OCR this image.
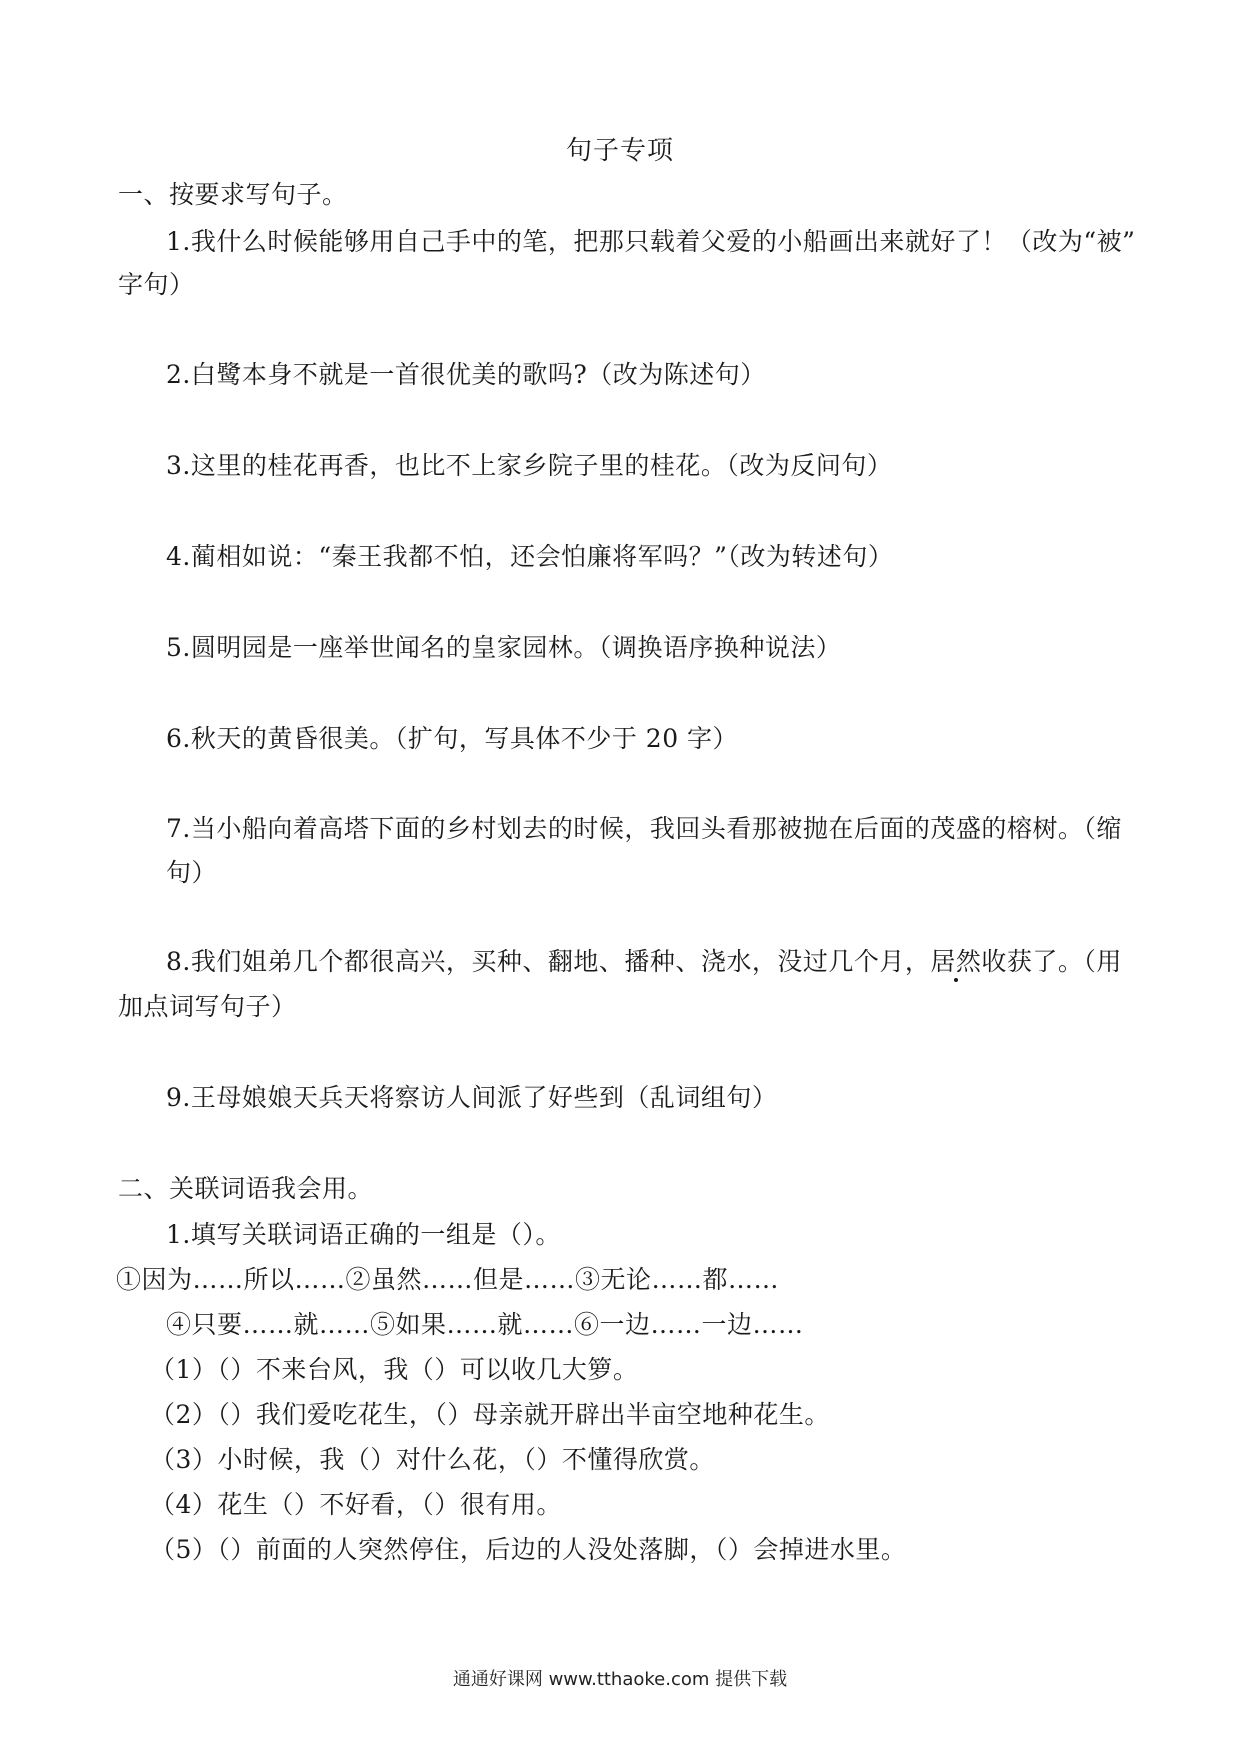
句子专项
一、按要求写句子。
1.我什么时候能够用自己手中的笔，把那只载着父爱的小船画出来就好了！（改为“被”
字句）
2.白鹭本身不就是一首很优美的歌吗?（改为陈述句）
3.这里的桂花再香，也比不上家乡院子里的桂花。（改为反问句）
4.蔺相如说：“秦王我都不怕，还会怕廉将军吗？”（改为转述句）
5.圆明园是一座举世闻名的皇家园林。（调换语序换种说法）
6.秋天的黄昏很美。（扩句，写具体不少于 20 字）
7.当小船向着高塔下面的乡村划去的时候，我回头看那被抛在后面的茂盛的榕树。（缩
句）
8.我们姐弟几个都很高兴，买种、翻地、播种、浇水，没过几个月，居然收获了。（用
加点词写句子）
9.王母娘娘天兵天将察访人间派了好些到（乱词组句）
二、关联词语我会用。
1.填写关联词语正确的一组是（）。
①因为……所以……②虽然……但是……③无论……都……
④只要……就……⑤如果……就……⑥一边……一边……
（1）（）不来台风，我（）可以收几大箩。
（2）（）我们爱吃花生，（）母亲就开辟出半亩空地种花生。
（3）小时候，我（）对什么花，（）不懂得欣赏。
（4）花生（）不好看，（）很有用。
（5）（）前面的人突然停住，后边的人没处落脚，（）会掉进水里。
通通好课网 www.tthaoke.com 提供下载
